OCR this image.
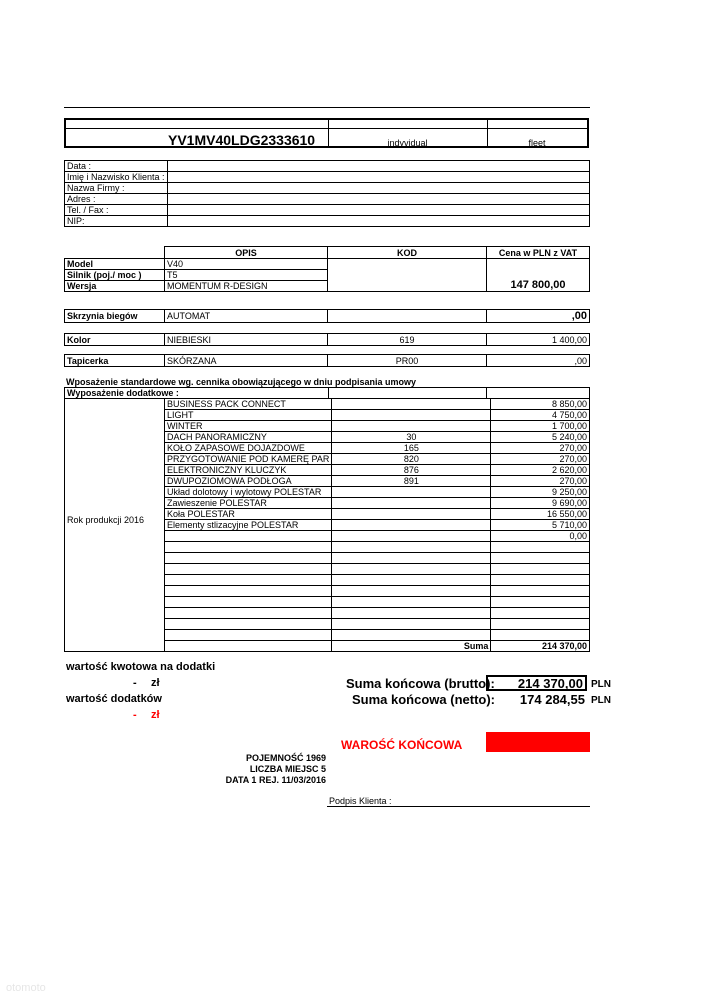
YV1MV40LDG2333610	indyvidual	fleet
Data :	
Imię i Nazwisko Klienta :	
Nazwa Firmy :	
Adres :	
Tel. / Fax :	
NIP:	
	OPIS	KOD	Cena w PLN z VAT
Model	V40		147 800,00
Silnik (poj./ moc )	T5		
Wersja	MOMENTUM R-DESIGN		
Skrzynia biegów	AUTOMAT		,00
Kolor	NIEBIESKI	619	1 400,00
Tapicerka	SKÓRZANA	PR00	,00
Wposażenie standardowe wg. cennika obowiązującego w dniu podpisania umowy
Wyposażenie dodatkowe :
BUSINESS PACK CONNECT		8 850,00
LIGHT		4 750,00
WINTER		1 700,00
DACH PANORAMICZNY	30	5 240,00
KOŁO ZAPASOWE DOJAZDOWE	165	270,00
PRZYGOTOWANIE POD KAMERĘ PAR	820	270,00
ELEKTRONICZNY KLUCZYK	876	2 620,00
DWUPOZIOMOWA PODŁOGA	891	270,00
Układ dolotowy i wylotowy POLESTAR		9 250,00
Zawieszenie POLESTAR		9 690,00
Koła POLESTAR		16 550,00
Elementy stlizacyjne POLESTAR		5 710,00
		0,00

	Suma	214 370,00
Rok produkcji 2016
wartość kwotowa na dodatki
- zł
wartość dodatków
- zł
Suma końcowa (brutto):	214 370,00 PLN
Suma końcowa (netto):	174 284,55 PLN
WAROŚĆ KOŃCOWA
POJEMNOŚĆ 1969
LICZBA MIEJSC 5
DATA 1 REJ. 11/03/2016
Podpis Klienta :
otomoto
